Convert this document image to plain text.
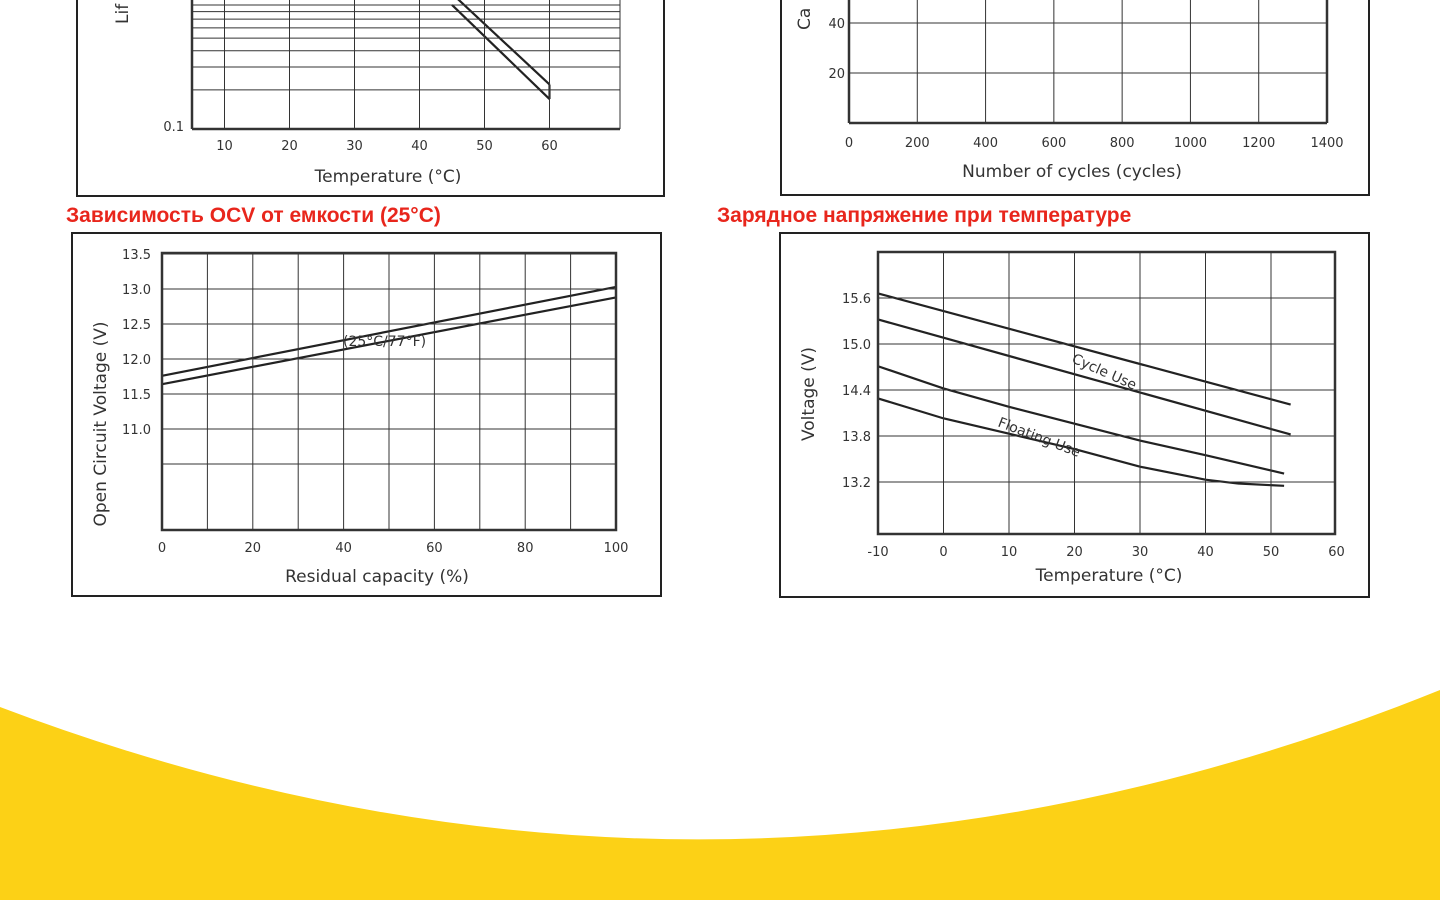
Temperature (°C)
0.1
60
50
40
30
20
10
Lif
Number of cycles (cycles)
20
40
1400
1200
1000
800
600
400
200
0
Ca
Зависимость OCV от емкости (25°C)	Зарядное напряжение при температуре
11.0
11.5
12.0
12.5
13.0
13.5
100
80
60
40
20
0
(25°C/77°F)
Open Circuit Voltage (V)
Residual capacity (%)
13.2
13.8
14.4
15.0
15.6
60
50
40
30
20
10
0
-10
Cycle Use
Floating Use
Voltage (V)
Temperature (°C)
